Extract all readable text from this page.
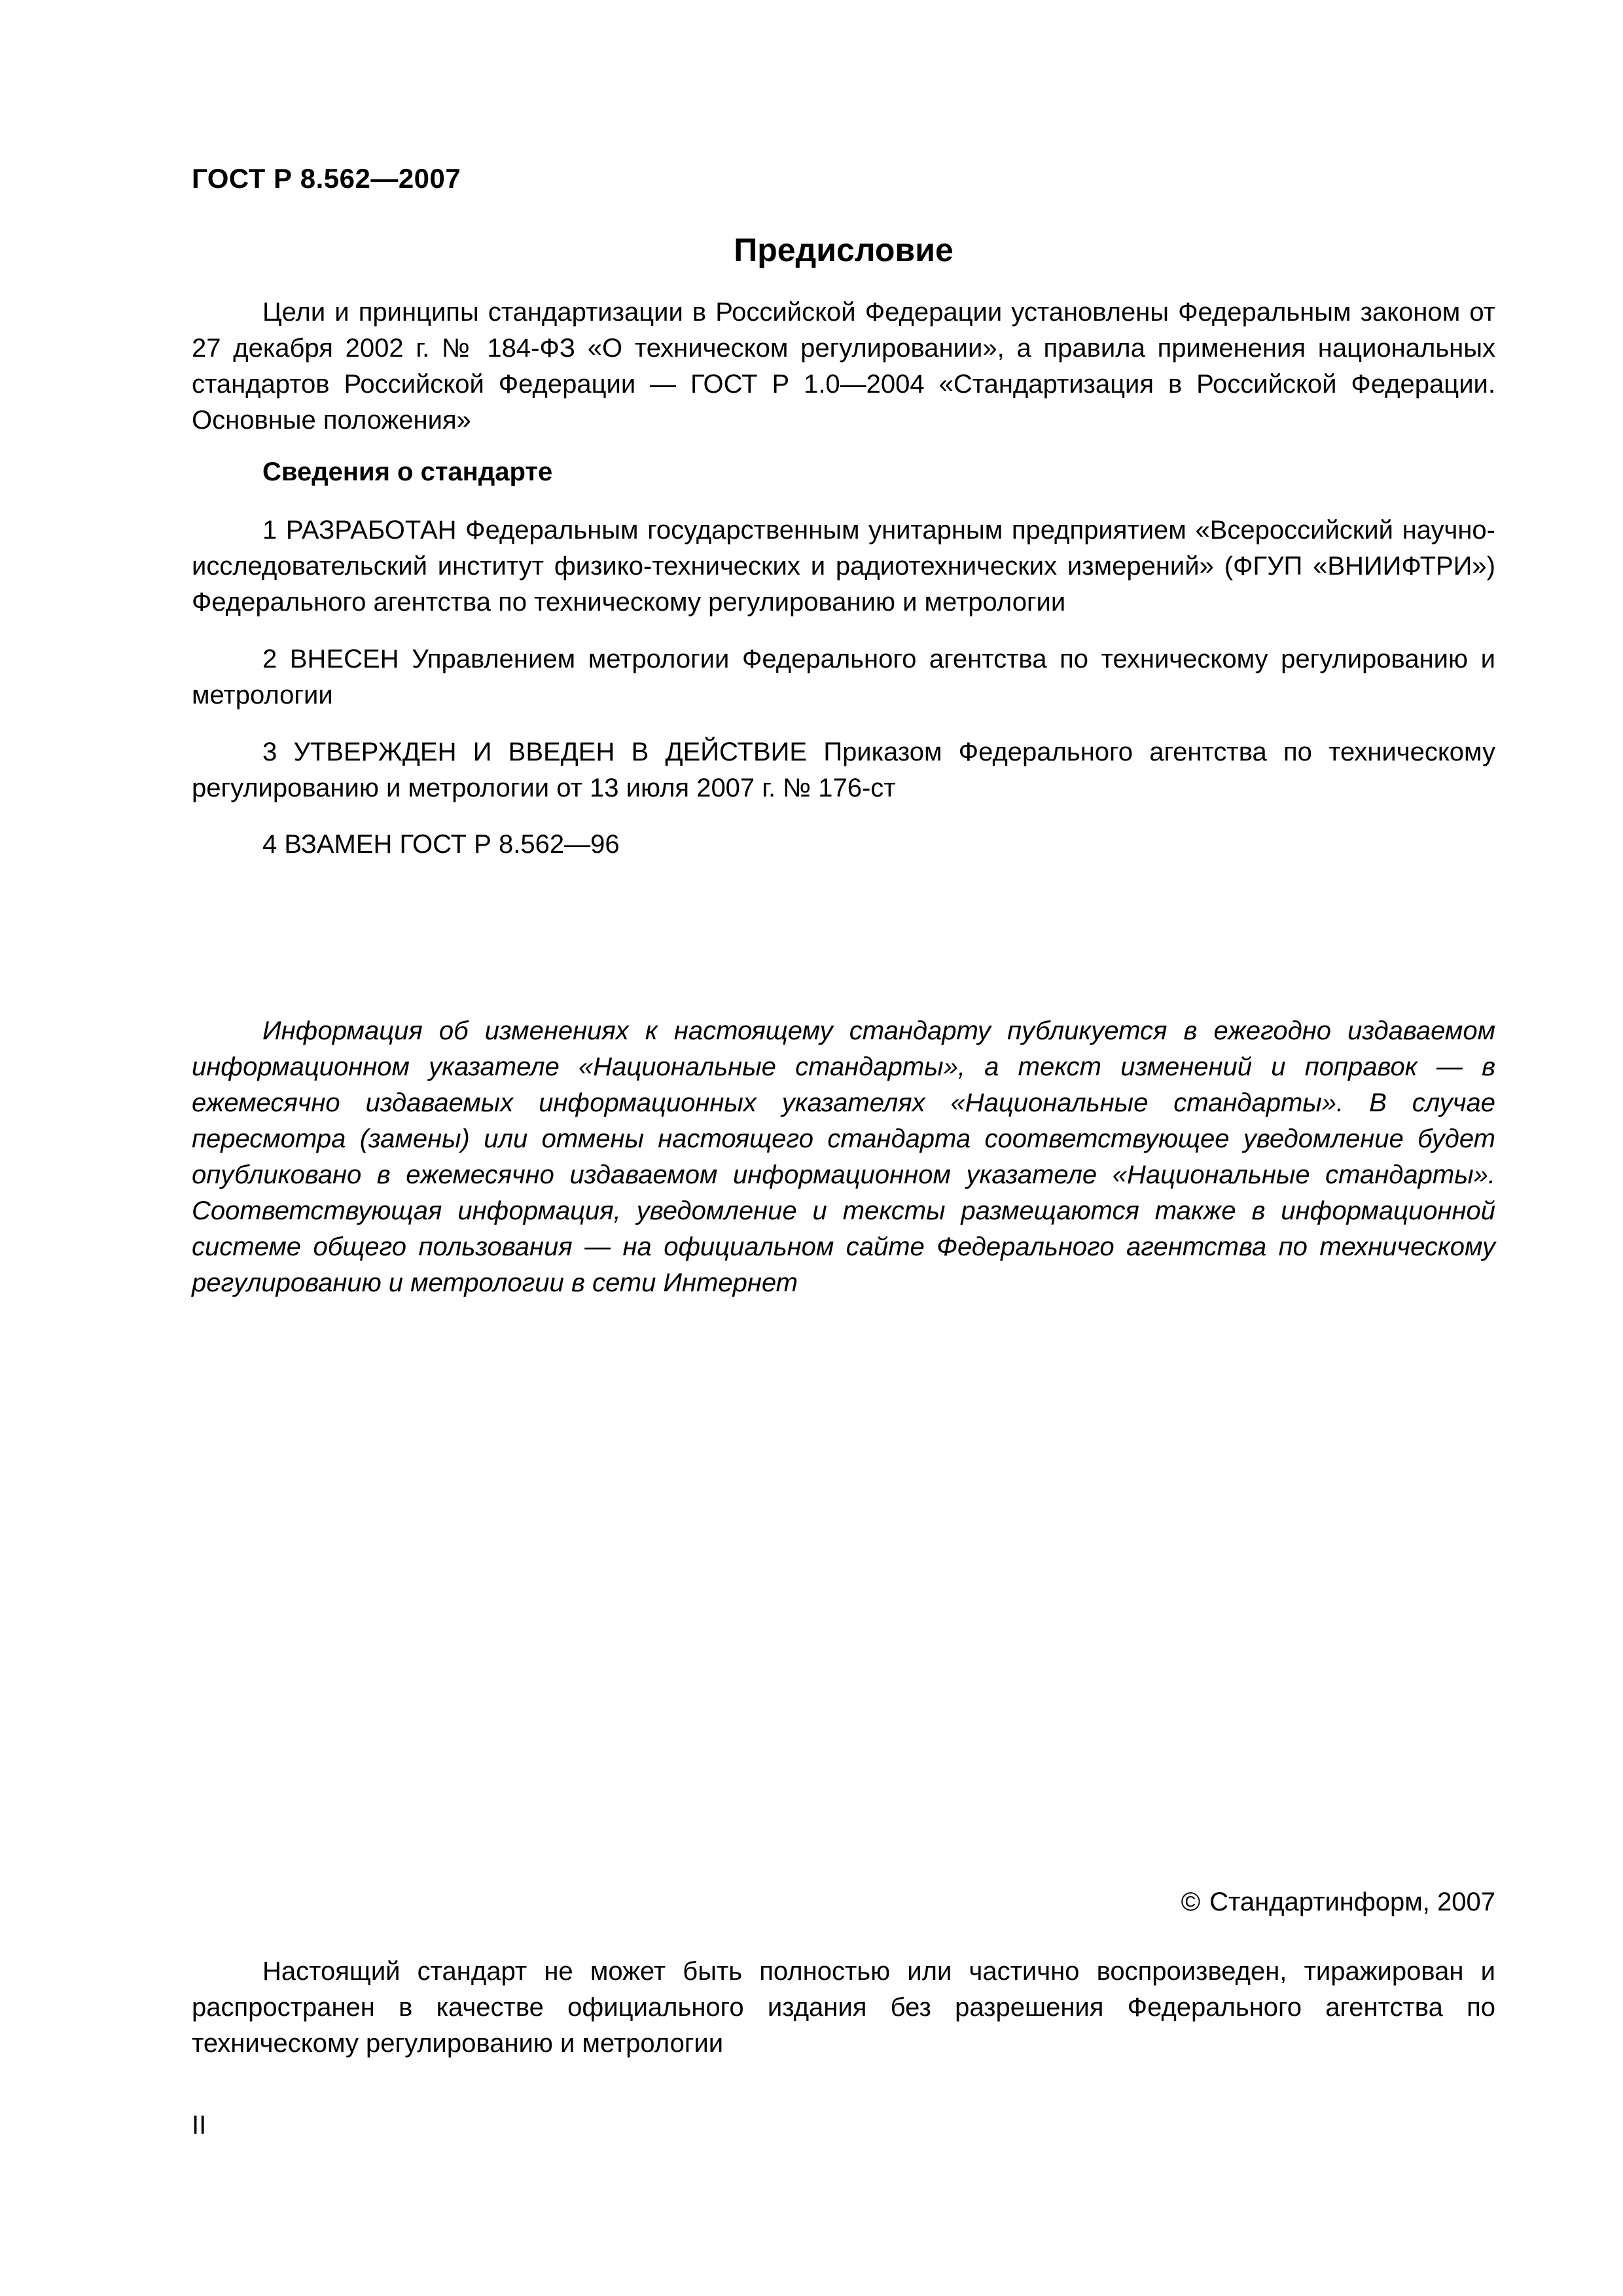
ГОСТ Р 8.562—2007
Предисловие

Цели и принципы стандартизации в Российской Федерации установлены Федеральным законом от 27 декабря 2002 г. № 184-ФЗ «О техническом регулировании», а правила применения национальных стандартов Российской Федерации — ГОСТ Р 1.0—2004 «Стандартизация в Российской Федерации. Основные положения»

Сведения о стандарте

1 РАЗРАБОТАН Федеральным государственным унитарным предприятием «Всероссийский научно-исследовательский институт физико-технических и радиотехнических измерений» (ФГУП «ВНИИФТРИ») Федерального агентства по техническому регулированию и метрологии

2 ВНЕСЕН Управлением метрологии Федерального агентства по техническому регулированию и метрологии

3 УТВЕРЖДЕН И ВВЕДЕН В ДЕЙСТВИЕ Приказом Федерального агентства по техническому регулированию и метрологии от 13 июля 2007 г. № 176-ст

4 ВЗАМЕН ГОСТ Р 8.562—96

Информация об изменениях к настоящему стандарту публикуется в ежегодно издаваемом информационном указателе «Национальные стандарты», а текст изменений и поправок — в ежемесячно издаваемых информационных указателях «Национальные стандарты». В случае пересмотра (замены) или отмены настоящего стандарта соответствующее уведомление будет опубликовано в ежемесячно издаваемом информационном указателе «Национальные стандарты». Соответствующая информация, уведомление и тексты размещаются также в информационной системе общего пользования — на официальном сайте Федерального агентства по техническому регулированию и метрологии в сети Интернет

© Стандартинформ, 2007

Настоящий стандарт не может быть полностью или частично воспроизведен, тиражирован и распространен в качестве официального издания без разрешения Федерального агентства по техническому регулированию и метрологии

II
